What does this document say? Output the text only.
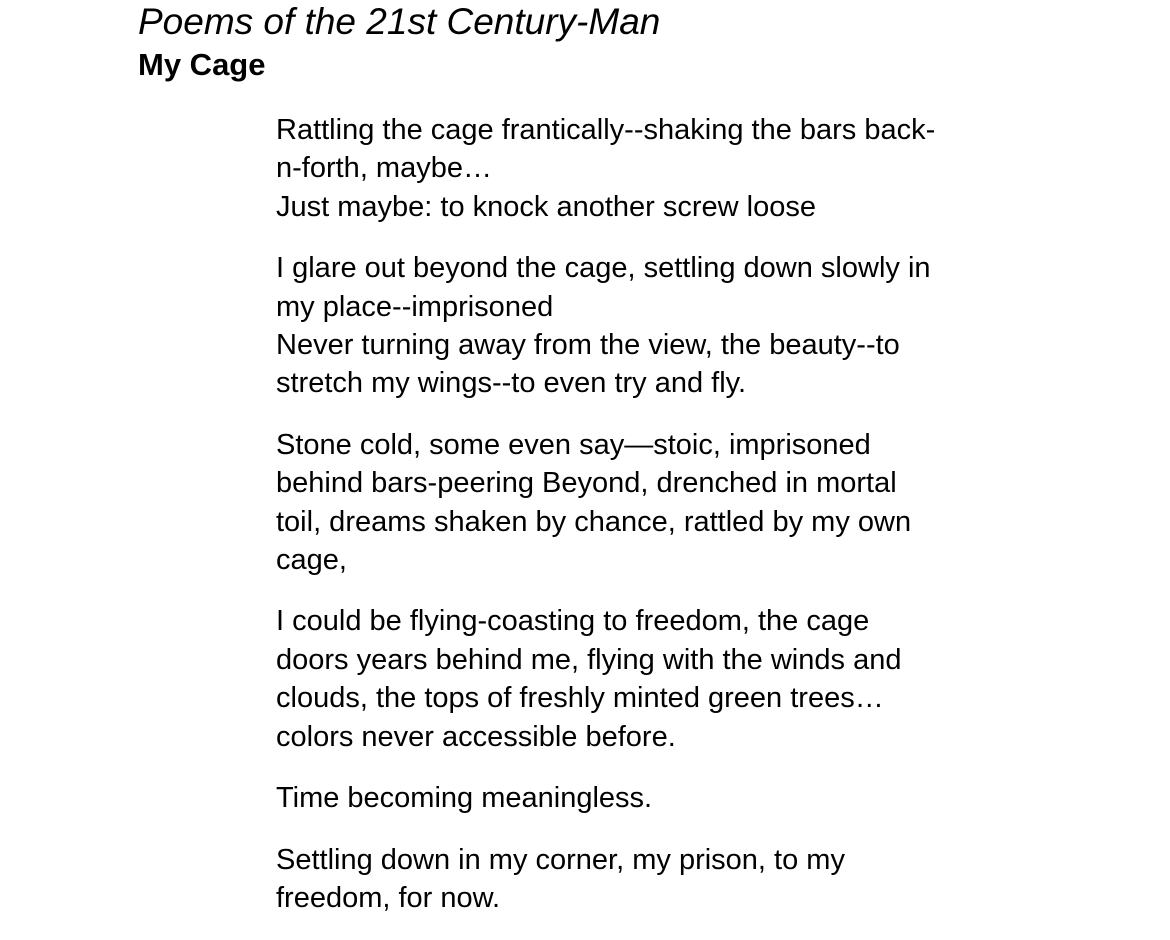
Poems of the 21st Century-Man
My Cage
Rattling the cage frantically--shaking the bars back-
n-forth, maybe…
Just maybe: to knock another screw loose
I glare out beyond the cage, settling down slowly in
my place--imprisoned
Never turning away from the view, the beauty--to
stretch my wings--to even try and fly.
Stone cold, some even say—stoic, imprisoned
behind bars-peering Beyond, drenched in mortal
toil, dreams shaken by chance, rattled by my own
cage,
I could be flying-coasting to freedom, the cage
doors years behind me, flying with the winds and
clouds, the tops of freshly minted green trees…
colors never accessible before.
Time becoming meaningless.
Settling down in my corner, my prison, to my
freedom, for now.
